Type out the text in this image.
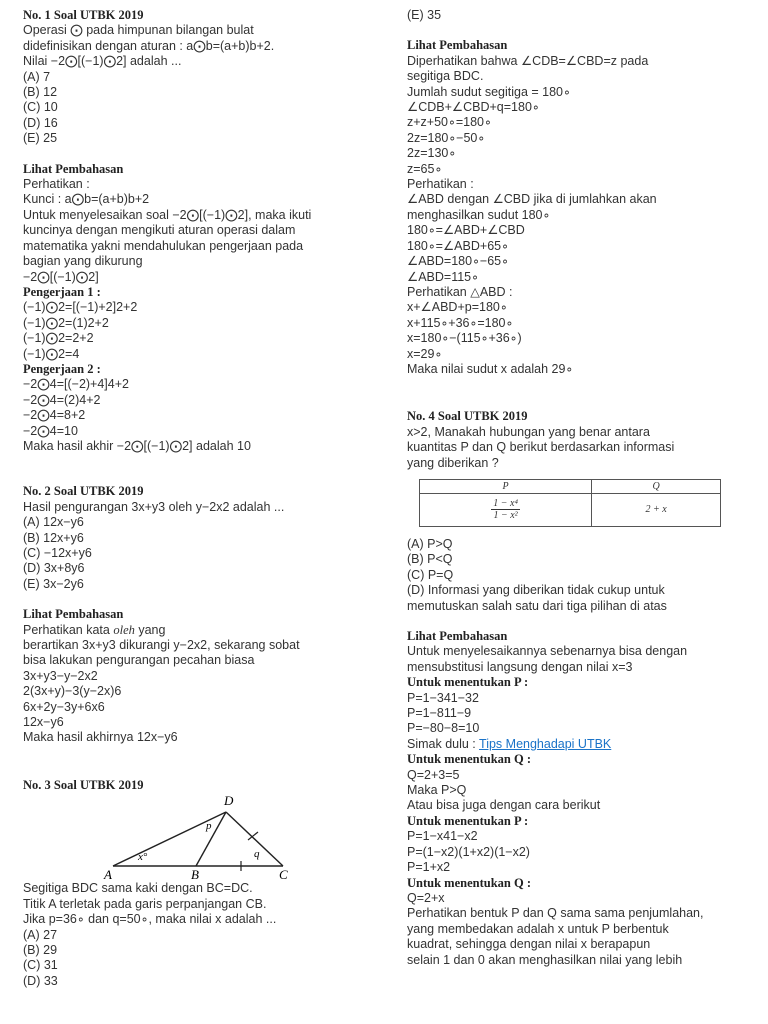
No. 1 Soal UTBK 2019
Operasi ⨀ pada himpunan bilangan bulat
didefinisikan dengan aturan : a⨀b=(a+b)b+2.
Nilai −2⨀[(−1)⨀2] adalah ...
(A) 7
(B) 12
(C) 10
(D) 16
(E) 25
Lihat Pembahasan
Perhatikan :
Kunci : a⨀b=(a+b)b+2
Untuk menyelesaikan soal −2⨀[(−1)⨀2], maka ikuti
kuncinya dengan mengikuti aturan operasi dalam
matematika yakni mendahulukan pengerjaan pada
bagian yang dikurung
−2⨀[(−1)⨀2]
Pengerjaan 1 :
(−1)⨀2=[(−1)+2]2+2
(−1)⨀2=(1)2+2
(−1)⨀2=2+2
(−1)⨀2=4
Pengerjaan 2 :
−2⨀4=[(−2)+4]4+2
−2⨀4=(2)4+2
−2⨀4=8+2
−2⨀4=10
Maka hasil akhir −2⨀[(−1)⨀2] adalah 10
No. 2 Soal UTBK 2019
Hasil pengurangan 3x+y3 oleh y−2x2 adalah ...
(A) 12x−y6
(B) 12x+y6
(C) −12x+y6
(D) 3x+8y6
(E) 3x−2y6
Lihat Pembahasan
Perhatikan kata oleh yang
berartikan 3x+y3 dikurangi y−2x2, sekarang sobat
bisa lakukan pengurangan pecahan biasa
3x+y3−y−2x2
2(3x+y)−3(y−2x)6
6x+2y−3y+6x6
12x−y6
Maka hasil akhirnya 12x−y6
No. 3 Soal UTBK 2019
D
A	B	C
p
q
x°
Segitiga BDC sama kaki dengan BC=DC.
Titik A terletak pada garis perpanjangan CB.
Jika p=36∘ dan q=50∘, maka nilai x adalah ...
(A) 27
(B) 29
(C) 31
(D) 33
(E) 35
Lihat Pembahasan
Diperhatikan bahwa ∠CDB=∠CBD=z pada
segitiga BDC.
Jumlah sudut segitiga = 180∘
∠CDB+∠CBD+q=180∘
z+z+50∘=180∘
2z=180∘−50∘
2z=130∘
z=65∘
Perhatikan :
∠ABD dengan ∠CBD jika di jumlahkan akan
menghasilkan sudut 180∘
180∘=∠ABD+∠CBD
180∘=∠ABD+65∘
∠ABD=180∘−65∘
∠ABD=115∘
Perhatikan △ABD :
x+∠ABD+p=180∘
x+115∘+36∘=180∘
x=180∘−(115∘+36∘)
x=29∘
Maka nilai sudut x adalah 29∘
No. 4 Soal UTBK 2019
x>2, Manakah hubungan yang benar antara
kuantitas P dan Q berikut berdasarkan informasi
yang diberikan ?
P	Q

$\frac{\text{1 − x⁴}}{\text{1 − x²}}$	2 + x
(A) P>Q
(B) P<Q
(C) P=Q
(D) Informasi yang diberikan tidak cukup untuk
memutuskan salah satu dari tiga pilihan di atas
Lihat Pembahasan
Untuk menyelesaikannya sebenarnya bisa dengan
mensubstitusi langsung dengan nilai x=3
Untuk menentukan P :
P=1−341−32
P=1−811−9
P=−80−8=10
Simak dulu : Tips Menghadapi UTBK
Untuk menentukan Q :
Q=2+3=5
Maka P>Q
Atau bisa juga dengan cara berikut
Untuk menentukan P :
P=1−x41−x2
P=(1−x2)(1+x2)(1−x2)
P=1+x2
Untuk menentukan Q :
Q=2+x
Perhatikan bentuk P dan Q sama sama penjumlahan,
yang membedakan adalah x untuk P berbentuk
kuadrat, sehingga dengan nilai x berapapun
selain 1 dan 0 akan menghasilkan nilai yang lebih
